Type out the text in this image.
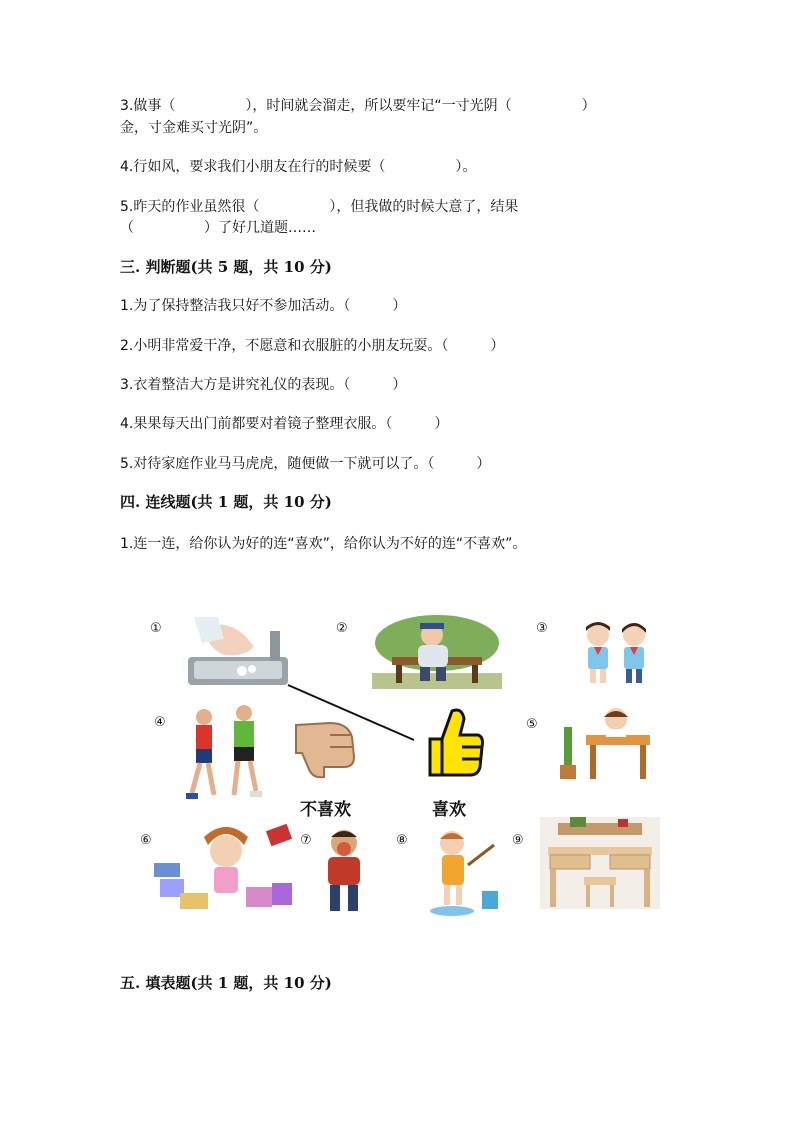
3.做事（　　　　　），时间就会溜走，所以要牢记“一寸光阴（　　　　　）
金，寸金难买寸光阴”。
4.行如风，要求我们小朋友在行的时候要（　　　　　）。
5.昨天的作业虽然很（　　　　　），但我做的时候大意了，结果
（　　　　　）了好几道题……
三. 判断题(共 5 题，共 10 分)
1.为了保持整洁我只好不参加活动。（　　　）
2.小明非常爱干净，不愿意和衣服脏的小朋友玩耍。（　　　）
3.衣着整洁大方是讲究礼仪的表现。（　　　）
4.果果每天出门前都要对着镜子整理衣服。（　　　）
5.对待家庭作业马马虎虎，随便做一下就可以了。（　　　）
四. 连线题(共 1 题，共 10 分)
1.连一连，给你认为好的连“喜欢”，给你认为不好的连“不喜欢”。
①	②	③
④
不喜欢	喜欢
⑤
⑥	⑦	⑧	⑨
五. 填表题(共 1 题，共 10 分)
